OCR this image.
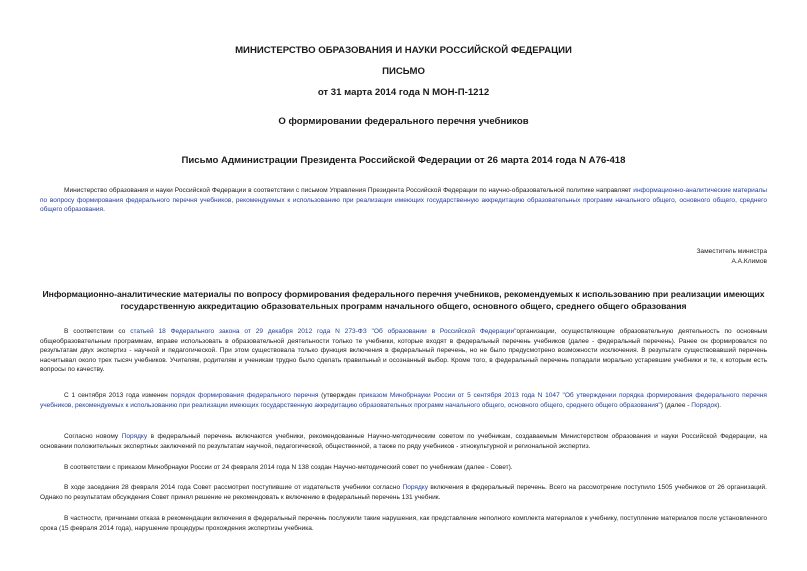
МИНИСТЕРСТВО ОБРАЗОВАНИЯ И НАУКИ РОССИЙСКОЙ ФЕДЕРАЦИИ
ПИСЬМО
от 31 марта 2014 года N МОН-П-1212
О формировании федерального перечня учебников
Письмо Администрации Президента Российской Федерации от 26 марта 2014 года N А76-418
Министерство образования и науки Российской Федерации в соответствии с письмом Управления Президента Российской Федерации по научно-образовательной политике направляет информационно-аналитические материалы по вопросу формирования федерального перечня учебников, рекомендуемых к использованию при реализации имеющих государственную аккредитацию образовательных программ начального общего, основного общего, среднего общего образования.
Заместитель министра
А.А.Климов
Информационно-аналитические материалы по вопросу формирования федерального перечня учебников, рекомендуемых к использованию при реализации имеющих государственную аккредитацию образовательных программ начального общего, основного общего, среднего общего образования
В соответствии со статьей 18 Федерального закона от 29 декабря 2012 года N 273-ФЗ "Об образовании в Российской Федерации"организации, осуществляющие образовательную деятельность по основным общеобразовательным программам, вправе использовать в образовательной деятельности только те учебники, которые входят в федеральный перечень учебников (далее - федеральный перечень). Ранее он формировался по результатам двух экспертиз - научной и педагогической. При этом существовала только функция включения в федеральный перечень, но не было предусмотрено возможности исключения. В результате существовавший перечень насчитывал около трех тысяч учебников. Учителям, родителям и ученикам трудно было сделать правильный и осознанный выбор. Кроме того, в федеральный перечень попадали морально устаревшие учебники и те, к которым есть вопросы по качеству.
С 1 сентября 2013 года изменен порядок формирования федерального перечня (утвержден приказом Минобрнауки России от 5 сентября 2013 года N 1047 "Об утверждении порядка формирования федерального перечня учебников, рекомендуемых к использованию при реализации имеющих государственную аккредитацию образовательных программ начального общего, основного общего, среднего общего образования") (далее - Порядок).
Согласно новому Порядку в федеральный перечень включаются учебники, рекомендованные Научно-методическим советом по учебникам, создаваемым Министерством образования и науки Российской Федерации, на основании положительных экспертных заключений по результатам научной, педагогической, общественной, а также по ряду учебников - этнокультурной и региональной экспертиз.
В соответствии с приказом Минобрнауки России от 24 февраля 2014 года N 138 создан Научно-методический совет по учебникам (далее - Совет).
В ходе заседания 28 февраля 2014 года Совет рассмотрел поступившие от издательств учебники согласно Порядку включения в федеральный перечень. Всего на рассмотрение поступило 1505 учебников от 26 организаций. Однако по результатам обсуждения Совет принял решение не рекомендовать к включению в федеральный перечень 131 учебник.
В частности, причинами отказа в рекомендации включения в федеральный перечень послужили такие нарушения, как представление неполного комплекта материалов к учебнику, поступление материалов после установленного срока (15 февраля 2014 года), нарушение процедуры прохождения экспертизы учебника.
